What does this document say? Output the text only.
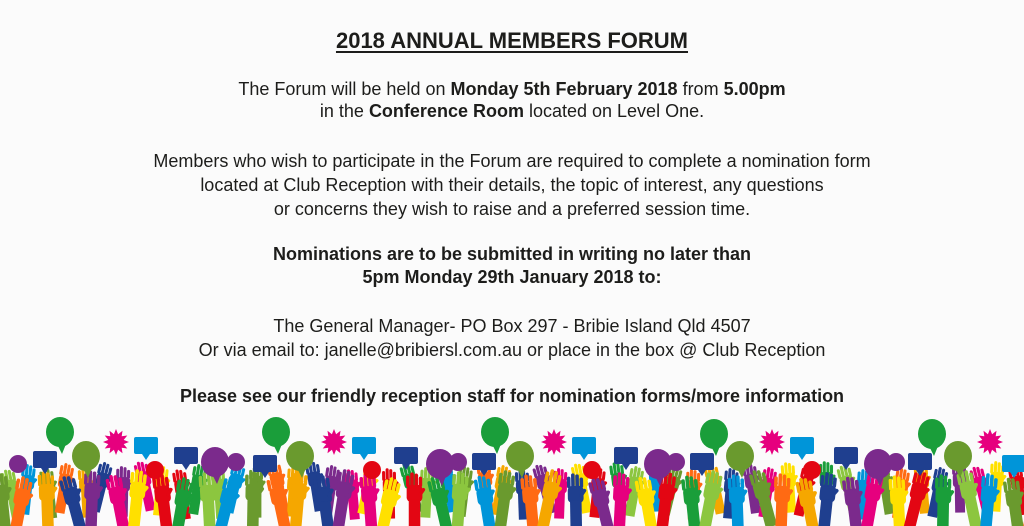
2018 ANNUAL MEMBERS FORUM
The Forum will be held on Monday 5th February 2018 from 5.00pm
in the Conference Room located on Level One.
Members who wish to participate in the Forum are required to complete a nomination form
located at Club Reception with their details, the topic of interest, any questions
or concerns they wish to raise and a preferred session time.
Nominations are to be submitted in writing no later than
5pm Monday 29th January 2018 to:
The General Manager- PO Box 297 - Bribie Island Qld 4507
Or via email to: janelle@bribiersl.com.au or place in the box @ Club Reception
Please see our friendly reception staff for nomination forms/more information
